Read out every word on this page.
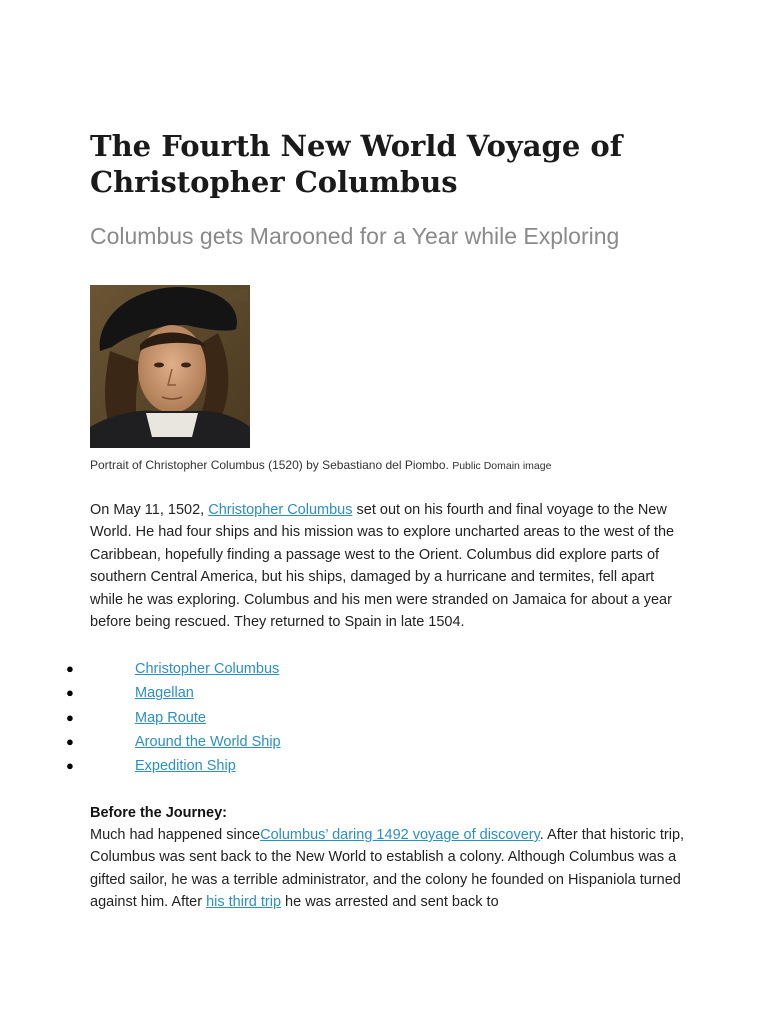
The Fourth New World Voyage of Christopher Columbus

Columbus gets Marooned for a Year while Exploring

Portrait of Christopher Columbus (1520) by Sebastiano del Piombo. Public Domain image

On May 11, 1502, Christopher Columbus set out on his fourth and final voyage to the New World. He had four ships and his mission was to explore uncharted areas to the west of the Caribbean, hopefully finding a passage west to the Orient. Columbus did explore parts of southern Central America, but his ships, damaged by a hurricane and termites, fell apart while he was exploring. Columbus and his men were stranded on Jamaica for about a year before being rescued. They returned to Spain in late 1504.

●	Christopher Columbus
●	Magellan
●	Map Route
●	Around the World Ship
●	Expedition Ship

Before the Journey:

Much had happened sinceColumbus’ daring 1492 voyage of discovery. After that historic trip, Columbus was sent back to the New World to establish a colony. Although Columbus was a gifted sailor, he was a terrible administrator, and the colony he founded on Hispaniola turned against him. After his third trip he was arrested and sent back to
